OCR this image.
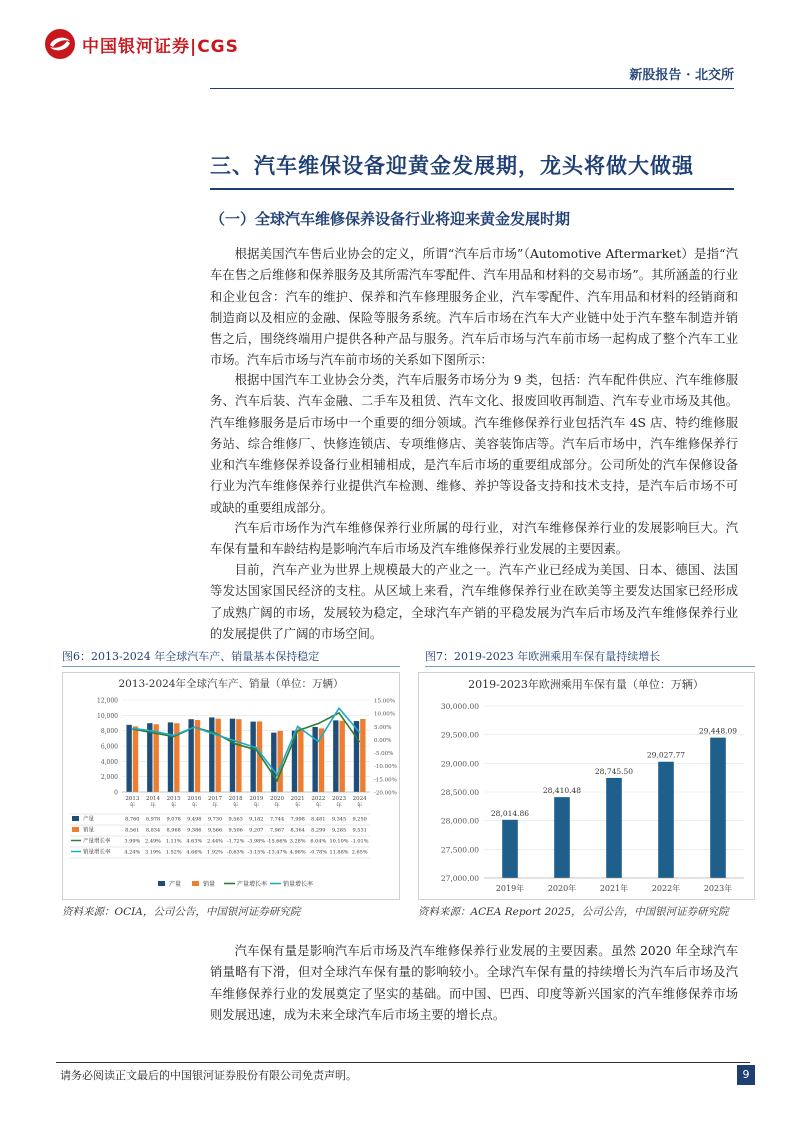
中国银河证券|CGS
新股报告 · 北交所
三、汽车维保设备迎黄金发展期，龙头将做大做强
（一）全球汽车维修保养设备行业将迎来黄金发展时期

根据美国汽车售后业协会的定义，所谓“汽车后市场”（Automotive Aftermarket）是指“汽车在售之后维修和保养服务及其所需汽车零配件、汽车用品和材料的交易市场”。其所涵盖的行业和企业包含：汽车的维护、保养和汽车修理服务企业，汽车零配件、汽车用品和材料的经销商和制造商以及相应的金融、保险等服务系统。汽车后市场在汽车大产业链中处于汽车整车制造并销售之后，围绕终端用户提供各种产品与服务。汽车后市场与汽车前市场一起构成了整个汽车工业市场。汽车后市场与汽车前市场的关系如下图所示：

根据中国汽车工业协会分类，汽车后服务市场分为 9 类，包括：汽车配件供应、汽车维修服务、汽车后装、汽车金融、二手车及租赁、汽车文化、报废回收再制造、汽车专业市场及其他。汽车维修服务是后市场中一个重要的细分领域。汽车维修保养行业包括汽车 4S 店、特约维修服务站、综合维修厂、快修连锁店、专项维修店、美容装饰店等。汽车后市场中，汽车维修保养行业和汽车维修保养设备行业相辅相成，是汽车后市场的重要组成部分。公司所处的汽车保修设备行业为汽车维修保养行业提供汽车检测、维修、养护等设备支持和技术支持，是汽车后市场不可或缺的重要组成部分。

汽车后市场作为汽车维修保养行业所属的母行业，对汽车维修保养行业的发展影响巨大。汽车保有量和车龄结构是影响汽车后市场及汽车维修保养行业发展的主要因素。

目前，汽车产业为世界上规模最大的产业之一。汽车产业已经成为美国、日本、德国、法国等发达国家国民经济的支柱。从区域上来看，汽车维修保养行业在欧美等主要发达国家已经形成了成熟广阔的市场，发展较为稳定，全球汽车产销的平稳发展为汽车后市场及汽车维修保养行业的发展提供了广阔的市场空间。

图6：2013-2024 年全球汽车产、销量基本保持稳定	图7：2019-2023 年欧洲乘用车保有量持续增长
2013-2024年全球汽车产、销量（单位：万辆）
0
2,000
4,000
6,000
8,000
10,000
12,000
-20.00%
-15.00%
-10.00%
-5.00%
0.00%
5.00%
10.00%
15.00%
2013
年
2014
年
2015
年
2016
年
2017
年
2018
年
2019
年
2020
年
2021
年
2022
年
2023
年
2024
年
产量	8,760 8,978 9,078 9,498 9,730 9,563 9,182 7,744 7,998 8,481 9,345 9,250
销量	8,561 8,834 8,968 9,386 9,566 9,506 9,207 7,967 8,364 8,299 9,285 9,531
产量增长率	3.99% 2.49% 1.11% 4.63% 2.44% -1.72% -3.98% -15.66% 3.28% 6.04% 10.10% -1.01%
销量增长率	4.24% 3.19% 1.52% 4.66% 1.92% -0.63% -3.15% -13.47% 4.98% -0.78% 11.88% 2.65%
产量	销量	产量增长率	销量增长率
2019-2023年欧洲乘用车保有量（单位：万辆）
27,000.00
27,500.00
28,000.00
28,500.00
29,000.00
29,500.00
30,000.00
28,014.86
28,410.48
28,745.50
29,027.77
29,448.09
2019年	2020年	2021年	2022年	2023年
资料来源：OCIA，公司公告，中国银河证券研究院	资料来源：ACEA Report 2025，公司公告，中国银河证券研究院

汽车保有量是影响汽车后市场及汽车维修保养行业发展的主要因素。虽然 2020 年全球汽车销量略有下滑，但对全球汽车保有量的影响较小。全球汽车保有量的持续增长为汽车后市场及汽车维修保养行业的发展奠定了坚实的基础。而中国、巴西、印度等新兴国家的汽车维修保养市场则发展迅速，成为未来全球汽车后市场主要的增长点。

请务必阅读正文最后的中国银河证券股份有限公司免责声明。	9
